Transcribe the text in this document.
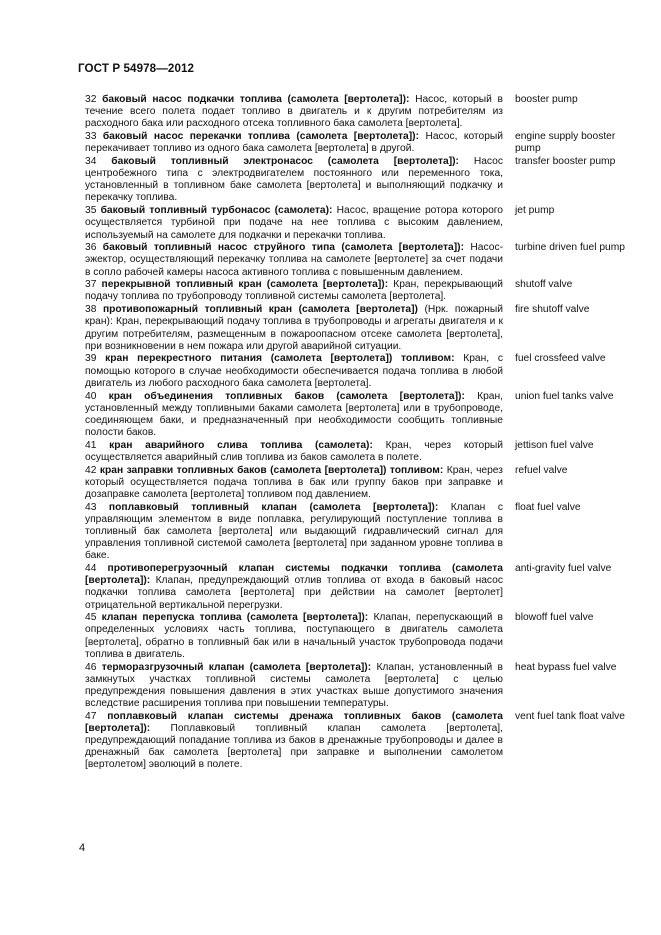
ГОСТ Р 54978—2012
32 баковый насос подкачки топлива (самолета [вертолета]): Насос, который в течение всего полета подает топливо в двигатель и к другим потребителям из расходного бака или расходного отсека топливного бака самолета [вертолета].
booster pump
33 баковый насос перекачки топлива (самолета [вертолета]): Насос, который перекачивает топливо из одного бака самолета [вертолета] в другой.
engine supply booster pump
34 баковый топливный электронасос (самолета [вертолета]): Насос центробежного типа с электродвигателем постоянного или переменного тока, установленный в топливном баке самолета [вертолета] и выполняющий подкачку и перекачку топлива.
transfer booster pump
35 баковый топливный турбонасос (самолета): Насос, вращение ротора которого осуществляется турбиной при подаче на нее топлива с высоким давлением, используемый на самолете для подкачки и перекачки топлива.
jet pump
36 баковый топливный насос струйного типа (самолета [вертолета]): Насос-эжектор, осуществляющий перекачку топлива на самолете [вертолете] за счет подачи в сопло рабочей камеры насоса активного топлива с повышенным давлением.
turbine driven fuel pump
37 перекрывной топливный кран (самолета [вертолета]): Кран, перекрывающий подачу топлива по трубопроводу топливной системы самолета [вертолета].
shutoff valve
38 противопожарный топливный кран (самолета [вертолета]) (Нрк. пожарный кран): Кран, перекрывающий подачу топлива в трубопроводы и агрегаты двигателя и к другим потребителям, размещенным в пожароопасном отсеке самолета [вертолета], при возникновении в нем пожара или другой аварийной ситуации.
fire shutoff valve
39 кран перекрестного питания (самолета [вертолета]) топливом: Кран, с помощью которого в случае необходимости обеспечивается подача топлива в любой двигатель из любого расходного бака самолета [вертолета].
fuel crossfeed valve
40 кран объединения топливных баков (самолета [вертолета]): Кран, установленный между топливными баками самолета [вертолета] или в трубопроводе, соединяющем баки, и предназначенный при необходимости сообщить топливные полости баков.
union fuel tanks valve
41 кран аварийного слива топлива (самолета): Кран, через который осуществляется аварийный слив топлива из баков самолета в полете.
jettison fuel valve
42 кран заправки топливных баков (самолета [вертолета]) топливом: Кран, через который осуществляется подача топлива в бак или группу баков при заправке и дозаправке самолета [вертолета] топливом под давлением.
refuel valve
43 поплавковый топливный клапан (самолета [вертолета]): Клапан с управляющим элементом в виде поплавка, регулирующий поступление топлива в топливный бак самолета [вертолета] или выдающий гидравлический сигнал для управления топливной системой самолета [вертолета] при заданном уровне топлива в баке.
float fuel valve
44 противоперегрузочный клапан системы подкачки топлива (самолета [вертолета]): Клапан, предупреждающий отлив топлива от входа в баковый насос подкачки топлива самолета [вертолета] при действии на самолет [вертолет] отрицательной вертикальной перегрузки.
anti-gravity fuel valve
45 клапан перепуска топлива (самолета [вертолета]): Клапан, перепускающий в определенных условиях часть топлива, поступающего в двигатель самолета [вертолета], обратно в топливный бак или в начальный участок трубопровода подачи топлива в двигатель.
blowoff fuel valve
46 терморазгрузочный клапан (самолета [вертолета]): Клапан, установленный в замкнутых участках топливной системы самолета [вертолета] с целью предупреждения повышения давления в этих участках выше допустимого значения вследствие расширения топлива при повышении температуры.
heat bypass fuel valve
47 поплавковый клапан системы дренажа топливных баков (самолета [вертолета]): Поплавковый топливный клапан самолета [вертолета], предупреждающий попадание топлива из баков в дренажные трубопроводы и далее в дренажный бак самолета [вертолета] при заправке и выполнении самолетом [вертолетом] эволюций в полете.
vent fuel tank float valve
4
